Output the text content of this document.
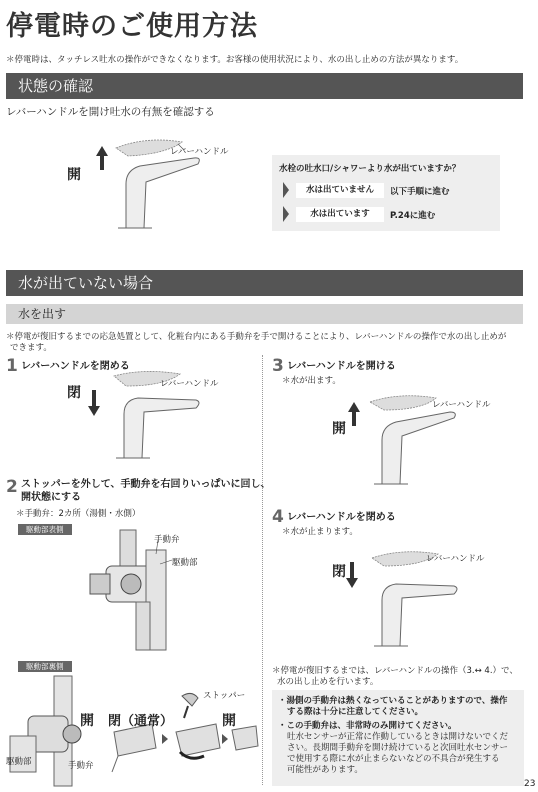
停電時のご使用方法
＊停電時は、タッチレス吐水の操作ができなくなります。お客様の使用状況により、水の出し止めの方法が異なります。
状態の確認
レバーハンドルを開け吐水の有無を確認する
開
レバーハンドル
水栓の吐水口/シャワーより水が出ていますか？
水は出ていません	以下手順に進む
水は出ています	P.24に進む
水が出ていない場合
水を出す
＊停電が復旧するまでの応急処置として、化粧台内にある手動弁を手で開けることにより、レバーハンドルの操作で水の出し止めが
できます。
1 レバーハンドルを閉める
閉
レバーハンドル
2 ストッパーを外して、手動弁を右回りいっぱいに回し、
開状態にする
＊手動弁：2カ所（湯側・水側）
駆動部表側
手動弁
駆動部
駆動部裏側
開 閉（通常）
ストッパー
開
駆動部	手動弁
3 レバーハンドルを開ける
＊水が出ます。
開
レバーハンドル
4 レバーハンドルを閉める
＊水が止まります。
閉
レバーハンドル
＊停電が復旧するまでは、レバーハンドルの操作（3.↔ 4.）で、
水の出し止めを行います。
・湯側の手動弁は熱くなっていることがありますので、操作
する際は十分に注意してください。
・この手動弁は、非常時のみ開けてください。
吐水センサーが正常に作動しているときは開けないでくだ
さい。長期間手動弁を開け続けていると次回吐水センサー
で使用する際に水が止まらないなどの不具合が発生する
可能性があります。
23
